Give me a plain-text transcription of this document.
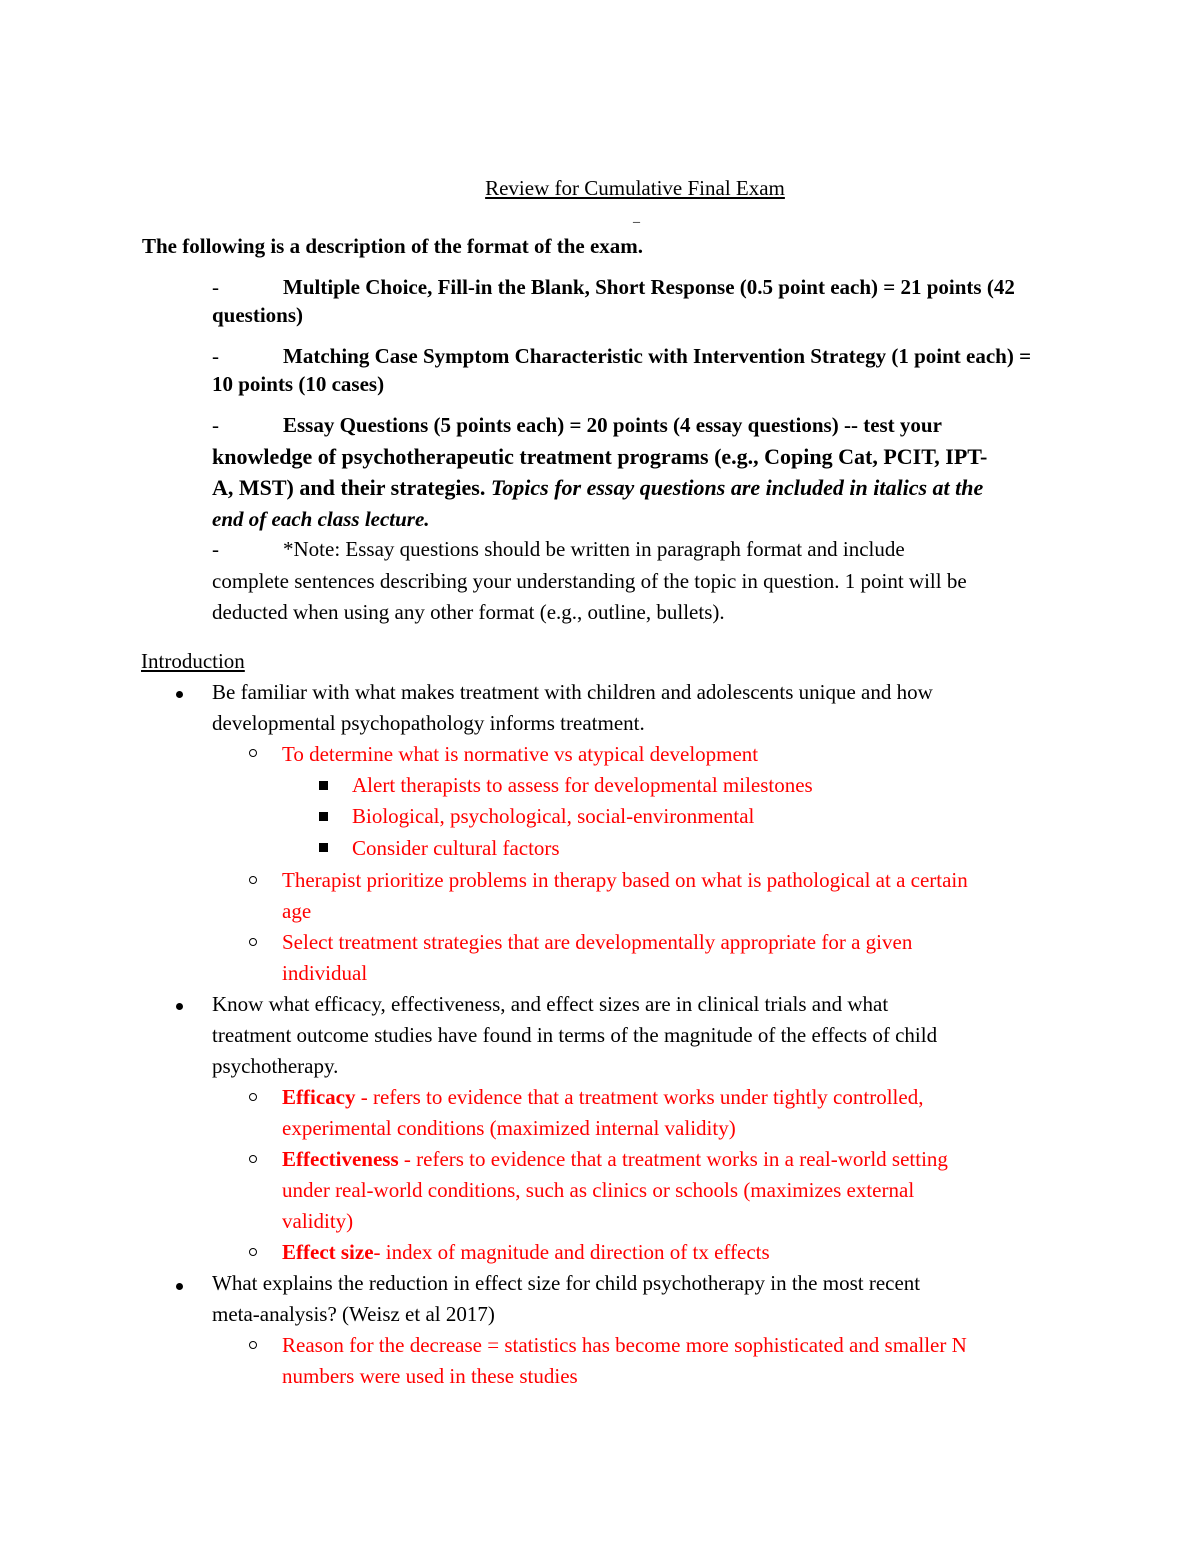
Review for Cumulative Final Exam
_
The following is a description of the format of the exam.
-	Multiple Choice, Fill-in the Blank, Short Response (0.5 point each) = 21 points (42
questions)
-	Matching Case Symptom Characteristic with Intervention Strategy (1 point each) =
10 points (10 cases)
-	Essay Questions (5 points each) = 20 points (4 essay questions) -- test your
knowledge of psychotherapeutic treatment programs (e.g., Coping Cat, PCIT, IPT-
A, MST) and their strategies. Topics for essay questions are included in italics at the
end of each class lecture.
-	*Note: Essay questions should be written in paragraph format and include
complete sentences describing your understanding of the topic in question. 1 point will be
deducted when using any other format (e.g., outline, bullets).
Introduction
Be familiar with what makes treatment with children and adolescents unique and how
developmental psychopathology informs treatment.
To determine what is normative vs atypical development
Alert therapists to assess for developmental milestones
Biological, psychological, social-environmental
Consider cultural factors
Therapist prioritize problems in therapy based on what is pathological at a certain
age
Select treatment strategies that are developmentally appropriate for a given
individual
Know what efficacy, effectiveness, and effect sizes are in clinical trials and what
treatment outcome studies have found in terms of the magnitude of the effects of child
psychotherapy.
Efficacy - refers to evidence that a treatment works under tightly controlled,
experimental conditions (maximized internal validity)
Effectiveness - refers to evidence that a treatment works in a real-world setting
under real-world conditions, such as clinics or schools (maximizes external
validity)
Effect size- index of magnitude and direction of tx effects
What explains the reduction in effect size for child psychotherapy in the most recent
meta-analysis? (Weisz et al 2017)
Reason for the decrease = statistics has become more sophisticated and smaller N
numbers were used in these studies
